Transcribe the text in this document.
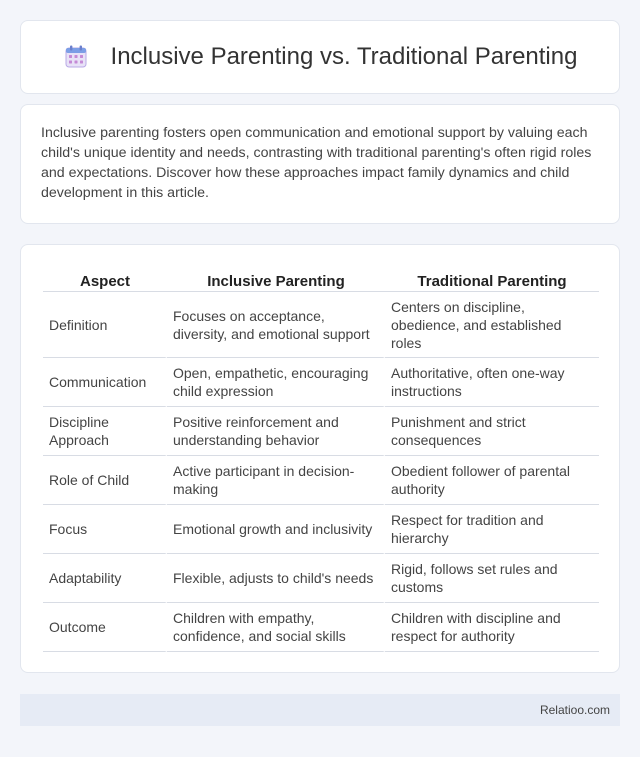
Inclusive Parenting vs. Traditional Parenting

Inclusive parenting fosters open communication and emotional support by valuing each child's unique identity and needs, contrasting with traditional parenting's often rigid roles and expectations. Discover how these approaches impact family dynamics and child development in this article.

Aspect	Inclusive Parenting	Traditional Parenting
Definition	Focuses on acceptance, diversity, and emotional support	Centers on discipline, obedience, and established roles
Communication	Open, empathetic, encouraging child expression	Authoritative, often one-way instructions
Discipline Approach	Positive reinforcement and understanding behavior	Punishment and strict consequences
Role of Child	Active participant in decision-making	Obedient follower of parental authority
Focus	Emotional growth and inclusivity	Respect for tradition and hierarchy
Adaptability	Flexible, adjusts to child's needs	Rigid, follows set rules and customs
Outcome	Children with empathy, confidence, and social skills	Children with discipline and respect for authority
Relatioo.com
